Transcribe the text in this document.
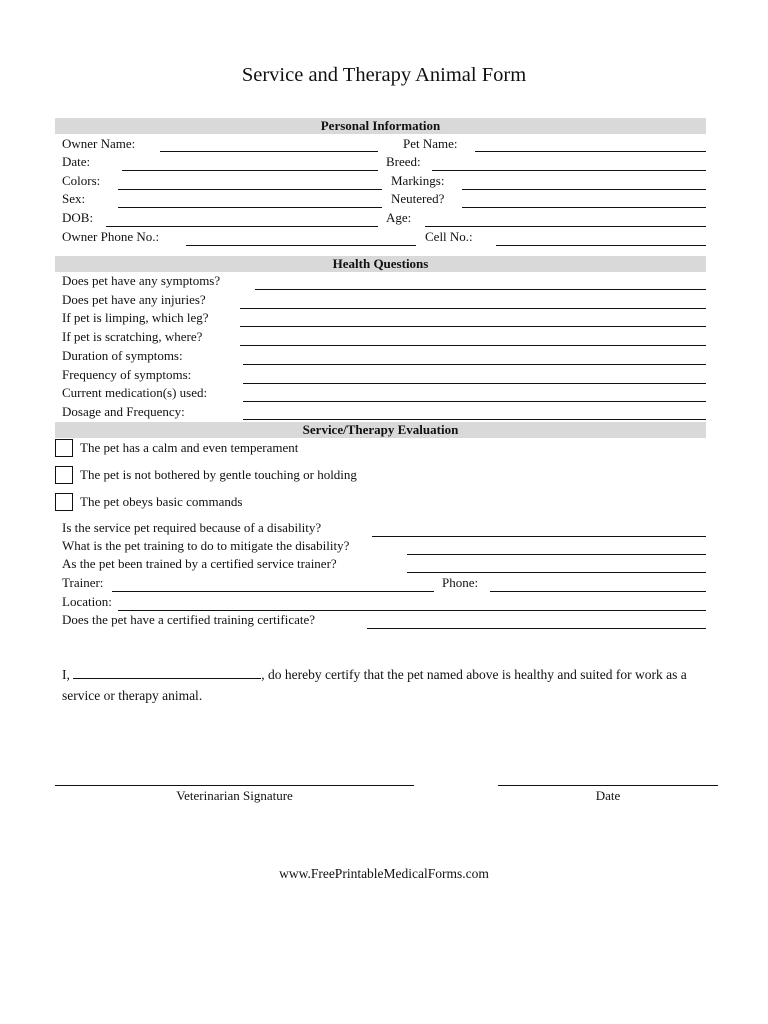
Service and Therapy Animal Form
Personal Information
Owner Name:	Pet Name:
Date:	Breed:
Colors:	Markings:
Sex:	Neutered?
DOB:	Age:
Owner Phone No.:	Cell No.:
Health Questions
Does pet have any symptoms?
Does pet have any injuries?
If pet is limping, which leg?
If pet is scratching, where?
Duration of symptoms:
Frequency of symptoms:
Current medication(s) used:
Dosage and Frequency:
Service/Therapy Evaluation
The pet has a calm and even temperament
The pet is not bothered by gentle touching or holding
The pet obeys basic commands
Is the service pet required because of a disability?
What is the pet training to do to mitigate the disability?
As the pet been trained by a certified service trainer?
Trainer:	Phone:
Location:
Does the pet have a certified training certificate?
I,	, do hereby certify that the pet named above is healthy and suited for work as a service or therapy animal.
Veterinarian Signature	Date
www.FreePrintableMedicalForms.com
